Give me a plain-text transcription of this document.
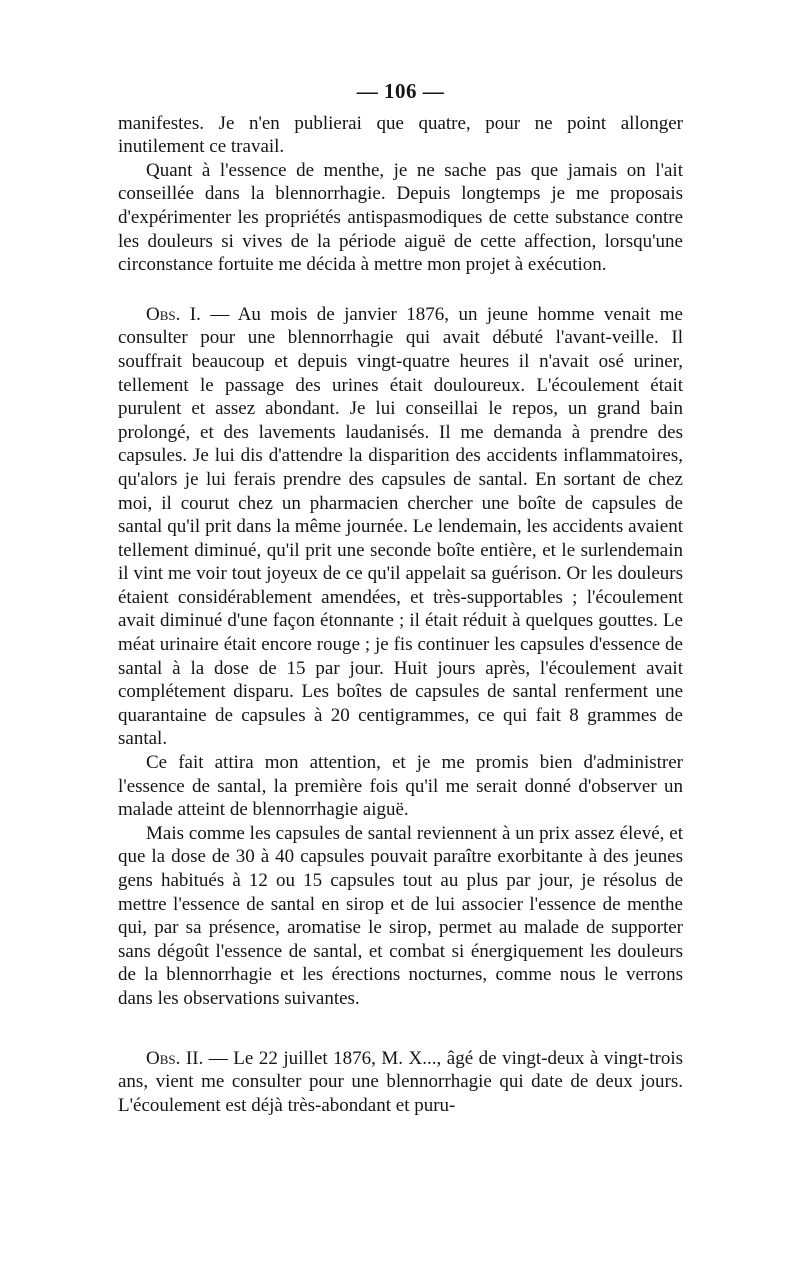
— 106 —

manifestes. Je n'en publierai que quatre, pour ne point allonger inutilement ce travail.

Quant à l'essence de menthe, je ne sache pas que jamais on l'ait conseillée dans la blennorrhagie. Depuis longtemps je me proposais d'expérimenter les propriétés antispasmodiques de cette substance contre les douleurs si vives de la période aiguë de cette affection, lorsqu'une circonstance fortuite me décida à mettre mon projet à exécution.

Obs. I. — Au mois de janvier 1876, un jeune homme venait me consulter pour une blennorrhagie qui avait débuté l'avant-veille. Il souffrait beaucoup et depuis vingt-quatre heures il n'avait osé uriner, tellement le passage des urines était douloureux. L'écoulement était purulent et assez abondant. Je lui conseillai le repos, un grand bain prolongé, et des lavements laudanisés. Il me demanda à prendre des capsules. Je lui dis d'attendre la disparition des accidents inflammatoires, qu'alors je lui ferais prendre des capsules de santal. En sortant de chez moi, il courut chez un pharmacien chercher une boîte de capsules de santal qu'il prit dans la même journée. Le lendemain, les accidents avaient tellement diminué, qu'il prit une seconde boîte entière, et le surlendemain il vint me voir tout joyeux de ce qu'il appelait sa guérison. Or les douleurs étaient considérablement amendées, et très-supportables ; l'écoulement avait diminué d'une façon étonnante ; il était réduit à quelques gouttes. Le méat urinaire était encore rouge ; je fis continuer les capsules d'essence de santal à la dose de 15 par jour. Huit jours après, l'écoulement avait complétement disparu. Les boîtes de capsules de santal renferment une quarantaine de capsules à 20 centigrammes, ce qui fait 8 grammes de santal.

Ce fait attira mon attention, et je me promis bien d'administrer l'essence de santal, la première fois qu'il me serait donné d'observer un malade atteint de blennorrhagie aiguë.

Mais comme les capsules de santal reviennent à un prix assez élevé, et que la dose de 30 à 40 capsules pouvait paraître exorbitante à des jeunes gens habitués à 12 ou 15 capsules tout au plus par jour, je résolus de mettre l'essence de santal en sirop et de lui associer l'essence de menthe qui, par sa présence, aromatise le sirop, permet au malade de supporter sans dégoût l'essence de santal, et combat si énergiquement les douleurs de la blennorrhagie et les érections nocturnes, comme nous le verrons dans les observations suivantes.

Obs. II. — Le 22 juillet 1876, M. X..., âgé de vingt-deux à vingt-trois ans, vient me consulter pour une blennorrhagie qui date de deux jours. L'écoulement est déjà très-abondant et puru-
